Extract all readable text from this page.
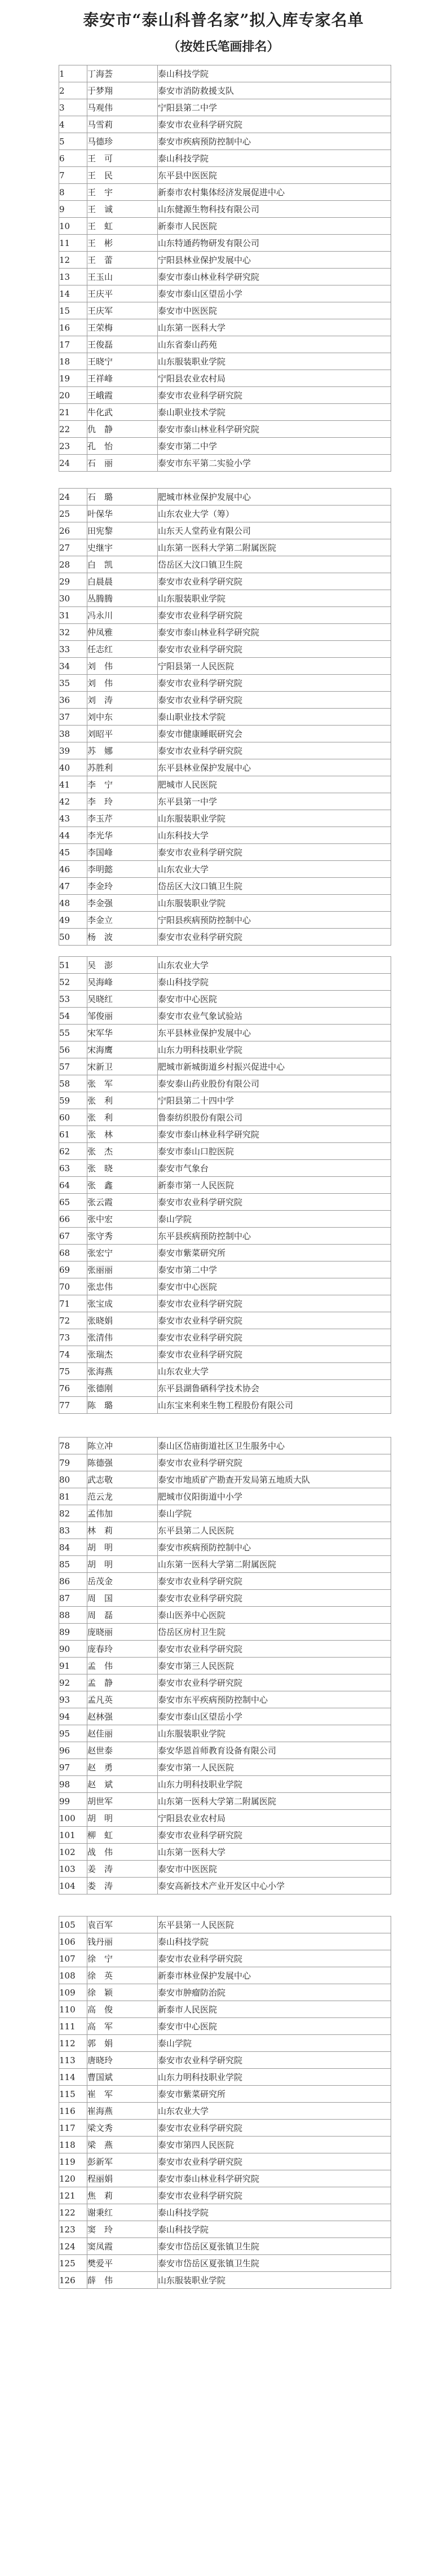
泰安市“泰山科普名家”拟入库专家名单
（按姓氏笔画排名）
1	丁海荟	泰山科技学院
2	于梦翔	泰安市消防救援支队
3	马观伟	宁阳县第二中学
4	马雪莉	泰安市农业科学研究院
5	马德珍	泰安市疾病预防控制中心
6	王　可	泰山科技学院
7	王　民	东平县中医医院
8	王　宇	新泰市农村集体经济发展促进中心
9	王　诚	山东健源生物科技有限公司
10	王　虹	新泰市人民医院
11	王　彬	山东特通药物研发有限公司
12	王　蕾	宁阳县林业保护发展中心
13	王玉山	泰安市泰山林业科学研究院
14	王庆平	泰安市泰山区望岳小学
15	王庆军	泰安市中医医院
16	王荣梅	山东第一医科大学
17	王俊磊	山东省泰山药苑
18	王晓宁	山东服装职业学院
19	王祥峰	宁阳县农业农村局
20	王峨霞	泰安市农业科学研究院
21	牛化武	泰山职业技术学院
22	仇　静	泰安市泰山林业科学研究院
23	孔　怡	泰安市第二中学
24	石　丽	泰安市东平第二实验小学
24	石　璐	肥城市林业保护发展中心
25	叶保华	山东农业大学（筹）
26	田宪黎	山东天人堂药业有限公司
27	史继宇	山东第一医科大学第二附属医院
28	白　凯	岱岳区大汶口镇卫生院
29	白晨晨	泰安市农业科学研究院
30	丛腾腾	山东服装职业学院
31	冯永川	泰安市农业科学研究院
32	仲凤雅	泰安市泰山林业科学研究院
33	任志红	泰安市农业科学研究院
34	刘　伟	宁阳县第一人民医院
35	刘　伟	泰安市农业科学研究院
36	刘　涛	泰安市农业科学研究院
37	刘中东	泰山职业技术学院
38	刘昭平	泰安市健康睡眠研究会
39	苏　娜	泰安市农业科学研究院
40	苏胜利	东平县林业保护发展中心
41	李　宁	肥城市人民医院
42	李　玲	东平县第一中学
43	李玉芹	山东服装职业学院
44	李光华	山东科技大学
45	李国峰	泰安市农业科学研究院
46	李明懿	山东农业大学
47	李金玲	岱岳区大汶口镇卫生院
48	李金强	山东服装职业学院
49	李金立	宁阳县疾病预防控制中心
50	杨　波	泰安市农业科学研究院
51	吴　澎	山东农业大学
52	吴海峰	泰山科技学院
53	吴晓红	泰安市中心医院
54	邹俊丽	泰安市农业气象试验站
55	宋军华	东平县林业保护发展中心
56	宋海鹰	山东力明科技职业学院
57	宋新卫	肥城市新城街道乡村振兴促进中心
58	张　军	泰安泰山药业股份有限公司
59	张　利	宁阳县第二十四中学
60	张　利	鲁泰纺织股份有限公司
61	张　林	泰安市泰山林业科学研究院
62	张　杰	泰安市泰山口腔医院
63	张　晓	泰安市气象台
64	张　鑫	新泰市第一人民医院
65	张云霞	泰安市农业科学研究院
66	张中宏	泰山学院
67	张守秀	东平县疾病预防控制中心
68	张宏宁	泰安市紫菜研究所
69	张丽丽	泰安市第二中学
70	张忠伟	泰安市中心医院
71	张宝成	泰安市农业科学研究院
72	张晓娟	泰安市农业科学研究院
73	张清伟	泰安市农业科学研究院
74	张瑞杰	泰安市农业科学研究院
75	张海燕	山东农业大学
76	张德刚	东平县湖鲁硒科学技术协会
77	陈　璐	山东宝来利来生物工程股份有限公司
78	陈立冲	泰山区岱庙街道社区卫生服务中心
79	陈德强	泰安市农业科学研究院
80	武志敬	泰安市地质矿产勘查开发局第五地质大队
81	范云龙	肥城市仪阳街道中小学
82	孟伟加	泰山学院
83	林　莉	东平县第二人民医院
84	胡　明	泰安市疾病预防控制中心
85	胡　明	山东第一医科大学第二附属医院
86	岳茂金	泰安市农业科学研究院
87	周　国	泰安市农业科学研究院
88	周　磊	泰山医养中心医院
89	庞晓丽	岱岳区房村卫生院
90	庞春玲	泰安市农业科学研究院
91	孟　伟	泰安市第三人民医院
92	孟　静	泰安市农业科学研究院
93	孟凡英	泰安市东平疾病预防控制中心
94	赵林强	泰安市泰山区望岳小学
95	赵佳丽	山东服装职业学院
96	赵世泰	泰安华恩首师教育设备有限公司
97	赵　勇	泰安市第一人民医院
98	赵　斌	山东力明科技职业学院
99	胡世军	山东第一医科大学第二附属医院
100	胡　明	宁阳县农业农村局
101	柳　虹	泰安市农业科学研究院
102	战　伟	山东第一医科大学
103	姜　涛	泰安市中医医院
104	娄　涛	泰安高新技术产业开发区中心小学
105	袁百军	东平县第一人民医院
106	钱丹丽	泰山科技学院
107	徐　宁	泰安市农业科学研究院
108	徐　英	新泰市林业保护发展中心
109	徐　颖	泰安市肿瘤防治院
110	高　俊	新泰市人民医院
111	高　军	泰安市中心医院
112	郭　娟	泰山学院
113	唐晓玲	泰安市农业科学研究院
114	曹国斌	山东力明科技职业学院
115	崔　军	泰安市紫菜研究所
116	崔海燕	山东农业大学
117	梁文秀	泰安市农业科学研究院
118	梁　燕	泰安市第四人民医院
119	彭新军	泰安市农业科学研究院
120	程丽娟	泰安市泰山林业科学研究院
121	焦　莉	泰安市农业科学研究院
122	谢秉红	泰山科技学院
123	窦　玲	泰山科技学院
124	窦凤霞	泰安市岱岳区夏张镇卫生院
125	樊爱平	泰安市岱岳区夏张镇卫生院
126	薛　伟	山东服装职业学院
